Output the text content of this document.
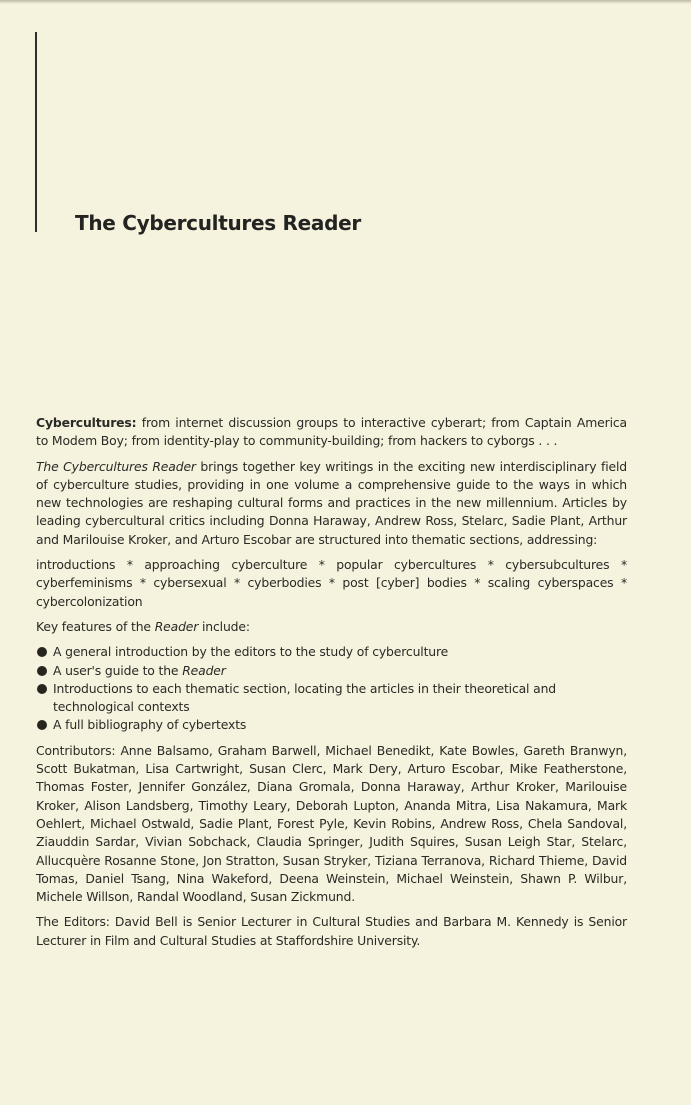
The Cybercultures Reader

Cybercultures: from internet discussion groups to interactive cyberart; from Captain America to Modem Boy; from identity-play to community-building; from hackers to cyborgs . . .

The Cybercultures Reader brings together key writings in the exciting new interdisciplinary field of cyberculture studies, providing in one volume a comprehensive guide to the ways in which new technologies are reshaping cultural forms and practices in the new millennium. Articles by leading cybercultural critics including Donna Haraway, Andrew Ross, Stelarc, Sadie Plant, Arthur and Marilouise Kroker, and Arturo Escobar are structured into thematic sections, addressing:

introductions * approaching cyberculture * popular cybercultures * cybersubcultures * cyberfeminisms * cybersexual * cyberbodies * post [cyber] bodies * scaling cyberspaces * cybercolonization

Key features of the Reader include:

A general introduction by the editors to the study of cyberculture
A user's guide to the Reader
Introductions to each thematic section, locating the articles in their theoretical and technological contexts
A full bibliography of cybertexts

Contributors: Anne Balsamo, Graham Barwell, Michael Benedikt, Kate Bowles, Gareth Branwyn, Scott Bukatman, Lisa Cartwright, Susan Clerc, Mark Dery, Arturo Escobar, Mike Featherstone, Thomas Foster, Jennifer González, Diana Gromala, Donna Haraway, Arthur Kroker, Marilouise Kroker, Alison Landsberg, Timothy Leary, Deborah Lupton, Ananda Mitra, Lisa Nakamura, Mark Oehlert, Michael Ostwald, Sadie Plant, Forest Pyle, Kevin Robins, Andrew Ross, Chela Sandoval, Ziauddin Sardar, Vivian Sobchack, Claudia Springer, Judith Squires, Susan Leigh Star, Stelarc, Allucquère Rosanne Stone, Jon Stratton, Susan Stryker, Tiziana Terranova, Richard Thieme, David Tomas, Daniel Tsang, Nina Wakeford, Deena Weinstein, Michael Weinstein, Shawn P. Wilbur, Michele Willson, Randal Woodland, Susan Zickmund.

The Editors: David Bell is Senior Lecturer in Cultural Studies and Barbara M. Kennedy is Senior Lecturer in Film and Cultural Studies at Staffordshire University.
